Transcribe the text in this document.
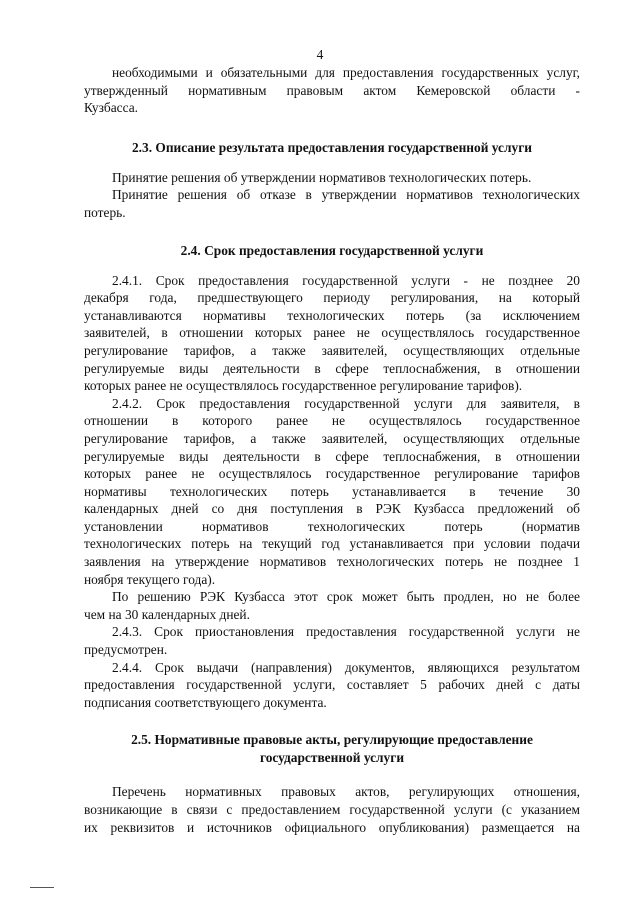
4
необходимыми и обязательными для предоставления государственных услуг,
утвержденный нормативным правовым актом Кемеровской области -
Кузбасса.
2.3. Описание результата предоставления государственной услуги
Принятие решения об утверждении нормативов технологических потерь.
Принятие решения об отказе в утверждении нормативов технологических
потерь.
2.4. Срок предоставления государственной услуги
2.4.1. Срок предоставления государственной услуги - не позднее 20
декабря года, предшествующего периоду регулирования, на который
устанавливаются нормативы технологических потерь (за исключением
заявителей, в отношении которых ранее не осуществлялось государственное
регулирование тарифов, а также заявителей, осуществляющих отдельные
регулируемые виды деятельности в сфере теплоснабжения, в отношении
которых ранее не осуществлялось государственное регулирование тарифов).
2.4.2. Срок предоставления государственной услуги для заявителя, в
отношении в которого ранее не осуществлялось государственное
регулирование тарифов, а также заявителей, осуществляющих отдельные
регулируемые виды деятельности в сфере теплоснабжения, в отношении
которых ранее не осуществлялось государственное регулирование тарифов
нормативы технологических потерь устанавливается в течение 30
календарных дней со дня поступления в РЭК Кузбасса предложений об
установлении нормативов технологических потерь (норматив
технологических потерь на текущий год устанавливается при условии подачи
заявления на утверждение нормативов технологических потерь не позднее 1
ноября текущего года).
По решению РЭК Кузбасса этот срок может быть продлен, но не более
чем на 30 календарных дней.
2.4.3. Срок приостановления предоставления государственной услуги не
предусмотрен.
2.4.4. Срок выдачи (направления) документов, являющихся результатом
предоставления государственной услуги, составляет 5 рабочих дней с даты
подписания соответствующего документа.
2.5. Нормативные правовые акты, регулирующие предоставление
государственной услуги
Перечень нормативных правовых актов, регулирующих отношения,
возникающие в связи с предоставлением государственной услуги (с указанием
их реквизитов и источников официального опубликования) размещается на
